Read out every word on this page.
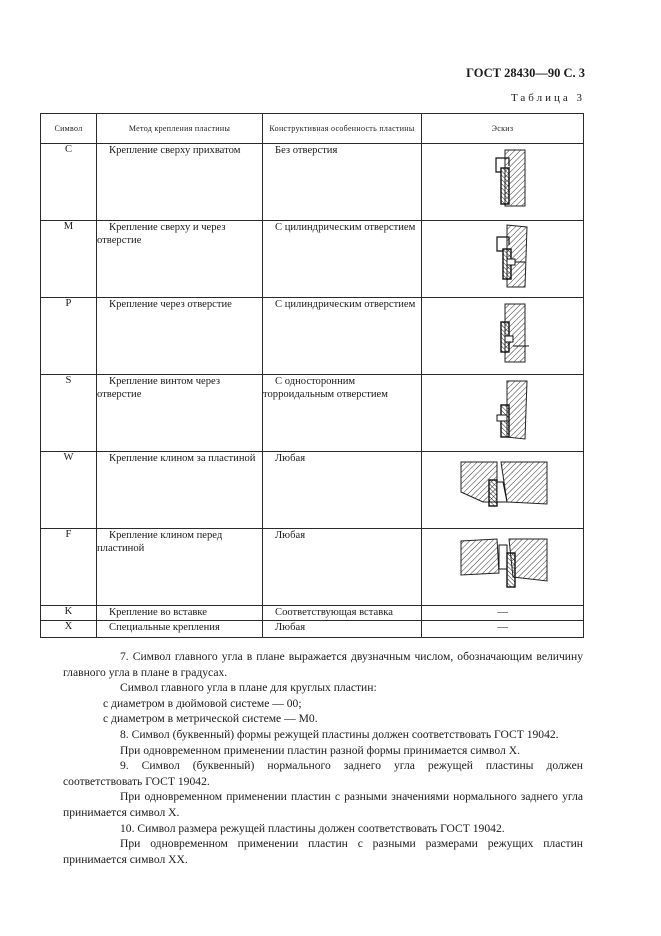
ГОСТ 28430—90 С. 3
Таблица 3
Символ	Метод крепления пластины	Конструктивная особенность пластины	Эскиз
C	Крепление сверху прихватом	Без отверстия	

M	Крепление сверху и через отверстие	С цилиндрическим отверстием	

P	Крепление через отверстие	С цилиндрическим отверстием	

S	Крепление винтом через отверстие	С односторонним торроидальным отверстием	

W	Крепление клином за пластиной	Любая	

F	Крепление клином перед пластиной	Любая	

K	Крепление во вставке	Соответствующая вставка	—
X	Специальные крепления	Любая	—

7. Символ главного угла в плане выражается двузначным числом, обозначающим величину главного угла в плане в градусах.

Символ главного угла в плане для круглых пластин:

с диаметром в дюймовой системе — 00;

с диаметром в метрической системе — M0.

8. Символ (буквенный) формы режущей пластины должен соответствовать ГОСТ 19042.

При одновременном применении пластин разной формы принимается символ X.

9. Символ (буквенный) нормального заднего угла режущей пластины должен соответствовать ГОСТ 19042.

При одновременном применении пластин с разными значениями нормального заднего угла принимается символ X.

10. Символ размера режущей пластины должен соответствовать ГОСТ 19042.

При одновременном применении пластин с разными размерами режущих пластин принимается символ XX.
